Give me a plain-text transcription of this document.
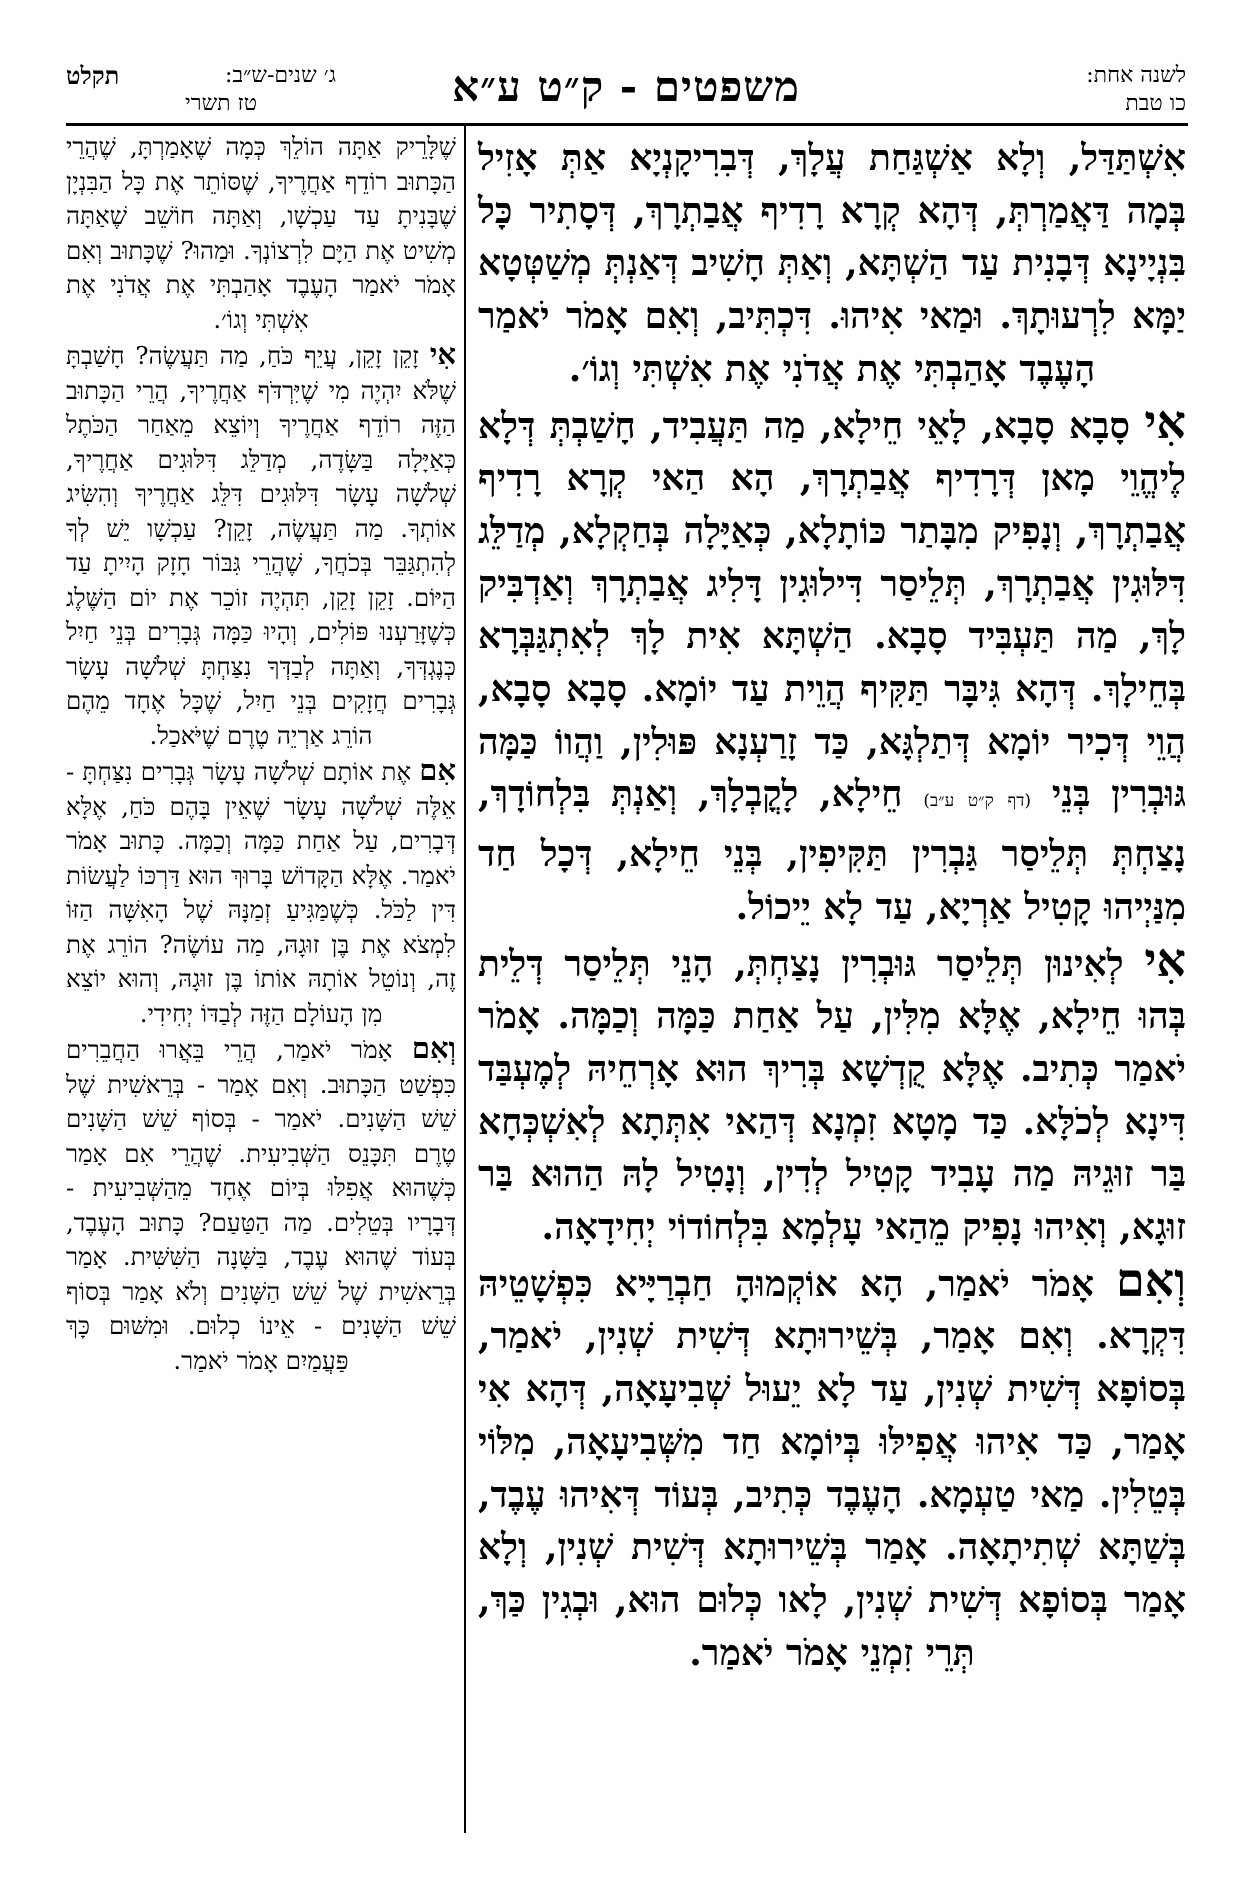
לשנה אחת:
כו טבת
משפטים - ק״ט ע״א
ג׳ שנים-ש״ב:
תקלט
טז תשרי

אִשְׁתַּדַּל, וְלָא אַשְׁגַּחַת עֲלָךְ, דְּבִרִיקָנְיָא אַתְּ אָזִיל בְּמָה דַּאֲמַרְתְּ, דְּהָא קְרָא רָדִיף אֲבַתְרָךְ, דְּסָתִיר כָּל בִּנְיָינָא דְּבָנִית עַד הַשְׁתָּא, וְאַתְּ חָשִׁיב דְּאַנְתְּ מְשַׁטְּטָא יַמָּא לִרְעוּתָךְ. וּמַאי אִיהוּ. דִּכְתִּיב, וְאִם אָמֹר יֹאמַר הָעֶבֶד אָהַבְתִּי אֶת אֲדֹנִי אֶת אִשְׁתִּי וְגוֹ׳.

אִי סָבָא סָבָא, לָאֵי חֵילָא, מַה תַּעֲבִיד, חָשַׁבְתְּ דְּלָא לֶיהֱוֵי מָאן דְּרָדִיף אֲבַתְרָךְ, הָא הַאי קְרָא רָדִיף אֲבַתְרָךְ, וְנָפִיק מִבָּתַר כּוֹתָלָא, כְּאַיָּלָה בְּחַקְלָא, מְדַלֵּג דִּלּוּגִין אֲבַתְרָךְ, תְּלֵיסַר דִּילוּגִין דָּלִיג אֲבַתְרָךְ וְאַדְבִּיק לָךְ, מַה תַּעְבִּיד סָבָא. הַשְׁתָּא אִית לָךְ לְאִתְגַּבְּרָא בְּחֵילָךְ. דְּהָא גִּיבָּר תַּקִּיף הֲוֵית עַד יוֹמָא. סָבָא סָבָא, הֲוֵי דְּכִיר יוֹמָא דְּתַלְגָּא, כַּד זָרַעְנָא פּוּלִין, וַהֲווֹ כַּמָּה גּוּבְרִין בְּנֵי (דף ק״ט ע״ב) חֵילָא, לָקֳבְלָךְ, וְאַנְתְּ בִּלְחוֹדָךְ, נָצַחְתְּ תְּלֵיסַר גַּבְרִין תַּקִּיפִין, בְּנֵי חֵילָא, דְּכָל חַד מִנַּיְיהוּ קָטִיל אַרְיָא, עַד לָא יֵיכוֹל.

אִי לְאִינוּן תְּלֵיסַר גּוּבְרִין נָצַחְתְּ, הָנֵי תְּלֵיסַר דְּלֵית בְּהוּ חֵילָא, אֶלָּא מִלִּין, עַל אַחַת כַּמָּה וְכַמָּה. אָמֹר יֹאמַר כְּתִיב. אֶלָּא קֻדְשָׁא בְּרִיךְ הוּא אָרְחֵיהּ לְמֶעְבַּד דִּינָא לְכֹלָּא. כַּד מָטָא זִמְנָא דְּהַאי אִתְּתָא לְאִשְׁכְּחָא בַּר זוּגֵיהּ מַה עָבִיד קָטִיל לְדִין, וְנָטִיל לָהּ הַהוּא בַּר זוּגָא, וְאִיהוּ נָפִיק מֵהַאי עָלְמָא בִּלְחוֹדוֹי יְחִידָאָה.

וְאִם אָמֹר יֹאמַר, הָא אוֹקְמוּהָ חַבְרַיָּיא כִּפְשָׁטֵיהּ דִּקְרָא. וְאִם אָמַר, בְּשֵׁירוּתָא דְּשִׁית שְׁנִין, יֹאמַר, בְּסוֹפָא דְּשִׁית שְׁנִין, עַד לָא יֵעוּל שְׁבִיעָאָה, דְּהָא אִי אָמַר, כַּד אִיהוּ אֲפִילּוּ בְּיוֹמָא חַד מִשְּׁבִיעָאָה, מִלּוֹי בְּטֵלִין. מַאי טַעְמָא. הָעֶבֶד כְּתִיב, בְּעוֹד דְּאִיהוּ עֶבֶד, בְּשַׁתָּא שְׁתִיתָאָה. אָמַר בְּשֵׁירוּתָא דְּשִׁית שְׁנִין, וְלָא אָמַר בְּסוֹפָא דְּשִׁית שְׁנִין, לָאו כְּלוּם הוּא, וּבְגִין כַּךְ, תְּרֵי זִמְנֵי אָמֹר יֹאמַר.

שֶׁלָּרֵיק אַתָּה הוֹלֵךְ כְּמָה שֶׁאָמַרְתָּ, שֶׁהֲרֵי הַכָּתוּב רוֹדֵף אַחֲרֶיךָ, שֶׁסּוֹתֵר אֶת כָּל הַבִּנְיָן שֶׁבָּנִיתָ עַד עַכְשָׁו, וְאַתָּה חוֹשֵׁב שֶׁאַתָּה מְשִׁיט אֶת הַיָּם לִרְצוֹנְךָ. וּמַהוּ? שֶׁכָּתוּב וְאִם אָמֹר יֹאמַר הָעֶבֶד אָהַבְתִּי אֶת אֲדֹנִי אֶת אִשְׁתִּי וְגוֹ׳.

אִי זָקֵן זָקֵן, עֲיֵף כֹּחַ, מַה תַּעֲשֶׂה? חָשַׁבְתָּ שֶׁלֹּא יִהְיֶה מִי שֶׁיִּרְדֹּף אַחֲרֶיךָ, הֲרֵי הַכָּתוּב הַזֶּה רוֹדֵף אַחֲרֶיךָ וְיוֹצֵא מֵאַחַר הַכֹּתֶל כְּאַיָּלָה בַּשָּׂדֶה, מְדַלֵּג דִּלּוּגִים אַחֲרֶיךָ, שְׁלֹשָׁה עָשָׂר דִּלּוּגִים דִּלֵּג אַחֲרֶיךָ וְהִשִּׂיג אוֹתְךָ. מַה תַּעֲשֶׂה, זָקֵן? עַכְשָׁו יֵשׁ לְךָ לְהִתְגַּבֵּר בְּכֹחֲךָ, שֶׁהֲרֵי גִּבּוֹר חָזָק הָיִיתָ עַד הַיּוֹם. זָקֵן זָקֵן, תִּהְיֶה זוֹכֵר אֶת יוֹם הַשֶּׁלֶג כְּשֶׁזָּרַעְנוּ פּוֹלִים, וְהָיוּ כַּמָּה גְּבָרִים בְּנֵי חַיִל כְּנֶגְדְּךָ, וְאַתָּה לְבַדְּךָ נִצַּחְתָּ שְׁלֹשָׁה עָשָׂר גְּבָרִים חֲזָקִים בְּנֵי חַיִל, שֶׁכָּל אֶחָד מֵהֶם הוֹרֵג אַרְיֵה טֶרֶם שֶׁיֹּאכַל.

אִם אֶת אוֹתָם שְׁלֹשָׁה עָשָׂר גְּבָרִים נִצַּחְתָּ - אֵלֶּה שְׁלֹשָׁה עָשָׂר שֶׁאֵין בָּהֶם כֹּחַ, אֶלָּא דְּבָרִים, עַל אַחַת כַּמָּה וְכַמָּה. כָּתוּב אָמֹר יֹאמַר. אֶלָּא הַקָּדוֹשׁ בָּרוּךְ הוּא דַּרְכּוֹ לַעֲשׂוֹת דִּין לַכֹּל. כְּשֶׁמַּגִּיעַ זְמַנָּהּ שֶׁל הָאִשָּׁה הַזּוֹ לִמְצֹא אֶת בֶּן זוּגָהּ, מַה עוֹשֶׂה? הוֹרֵג אֶת זֶה, וְנוֹטֵל אוֹתָהּ אוֹתוֹ בֶּן זוּגָהּ, וְהוּא יוֹצֵא מִן הָעוֹלָם הַזֶּה לְבַדּוֹ יְחִידִי.

וְאִם אָמֹר יֹאמַר, הֲרֵי בֵּאֲרוּ הַחֲבֵרִים כִּפְשַׁט הַכָּתוּב. וְאִם אָמַר - בְּרֵאשִׁית שֶׁל שֵׁשׁ הַשָּׁנִים. יֹאמַר - בְּסוֹף שֵׁשׁ הַשָּׁנִים טֶרֶם תִּכָּנֵס הַשְּׁבִיעִית. שֶׁהֲרֵי אִם אָמַר כְּשֶׁהוּא אֲפִלּוּ בְּיוֹם אֶחָד מֵהַשְּׁבִיעִית - דְּבָרָיו בְּטֵלִים. מַה הַטַּעַם? כָּתוּב הָעֶבֶד, בְּעוֹד שֶׁהוּא עֶבֶד, בַּשָּׁנָה הַשִּׁשִּׁית. אָמַר בְּרֵאשִׁית שֶׁל שֵׁשׁ הַשָּׁנִים וְלֹא אָמַר בְּסוֹף שֵׁשׁ הַשָּׁנִים - אֵינוֹ כְלוּם. וּמִשּׁוּם כָּךְ פַּעֲמַיִם אָמֹר יֹאמַר.
